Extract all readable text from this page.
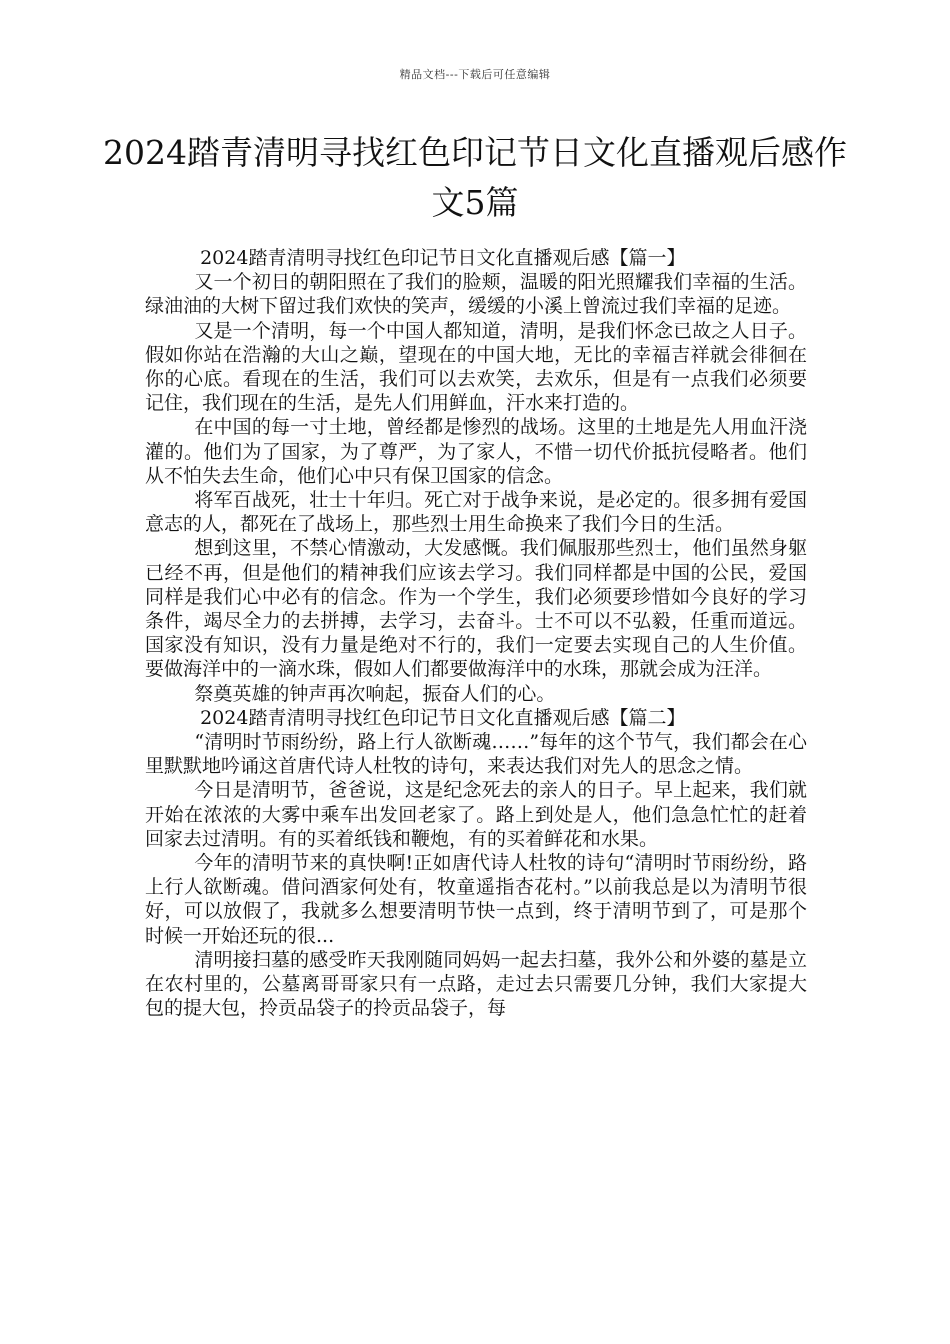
精品文档---下载后可任意编辑
2024踏青清明寻找红色印记节日文化直播观后感作文5篇

2024踏青清明寻找红色印记节日文化直播观后感【篇一】

又一个初日的朝阳照在了我们的脸颊，温暖的阳光照耀我们幸福的生活。绿油油的大树下留过我们欢快的笑声，缓缓的小溪上曾流过我们幸福的足迹。

又是一个清明，每一个中国人都知道，清明，是我们怀念已故之人日子。假如你站在浩瀚的大山之巅，望现在的中国大地，无比的幸福吉祥就会徘徊在你的心底。看现在的生活，我们可以去欢笑，去欢乐，但是有一点我们必须要记住，我们现在的生活，是先人们用鲜血，汗水来打造的。

在中国的每一寸土地，曾经都是惨烈的战场。这里的土地是先人用血汗浇灌的。他们为了国家，为了尊严，为了家人，不惜一切代价抵抗侵略者。他们从不怕失去生命，他们心中只有保卫国家的信念。

将军百战死，壮士十年归。死亡对于战争来说，是必定的。很多拥有爱国意志的人，都死在了战场上，那些烈士用生命换来了我们今日的生活。

想到这里，不禁心情激动，大发感慨。我们佩服那些烈士，他们虽然身躯已经不再，但是他们的精神我们应该去学习。我们同样都是中国的公民，爱国同样是我们心中必有的信念。作为一个学生，我们必须要珍惜如今良好的学习条件，竭尽全力的去拼搏，去学习，去奋斗。士不可以不弘毅，任重而道远。国家没有知识，没有力量是绝对不行的，我们一定要去实现自己的人生价值。要做海洋中的一滴水珠，假如人们都要做海洋中的水珠，那就会成为汪洋。

祭奠英雄的钟声再次响起，振奋人们的心。

2024踏青清明寻找红色印记节日文化直播观后感【篇二】

“清明时节雨纷纷，路上行人欲断魂……”每年的这个节气，我们都会在心里默默地吟诵这首唐代诗人杜牧的诗句，来表达我们对先人的思念之情。

今日是清明节，爸爸说，这是纪念死去的亲人的日子。早上起来，我们就开始在浓浓的大雾中乘车出发回老家了。路上到处是人，他们急急忙忙的赶着回家去过清明。有的买着纸钱和鞭炮，有的买着鲜花和水果。

今年的清明节来的真快啊!正如唐代诗人杜牧的诗句“清明时节雨纷纷，路上行人欲断魂。借问酒家何处有，牧童遥指杏花村。”以前我总是以为清明节很好，可以放假了，我就多么想要清明节快一点到，终于清明节到了，可是那个时候一开始还玩的很...

清明接扫墓的感受昨天我刚随同妈妈一起去扫墓，我外公和外婆的墓是立在农村里的，公墓离哥哥家只有一点路，走过去只需要几分钟，我们大家提大包的提大包，拎贡品袋子的拎贡品袋子，每
